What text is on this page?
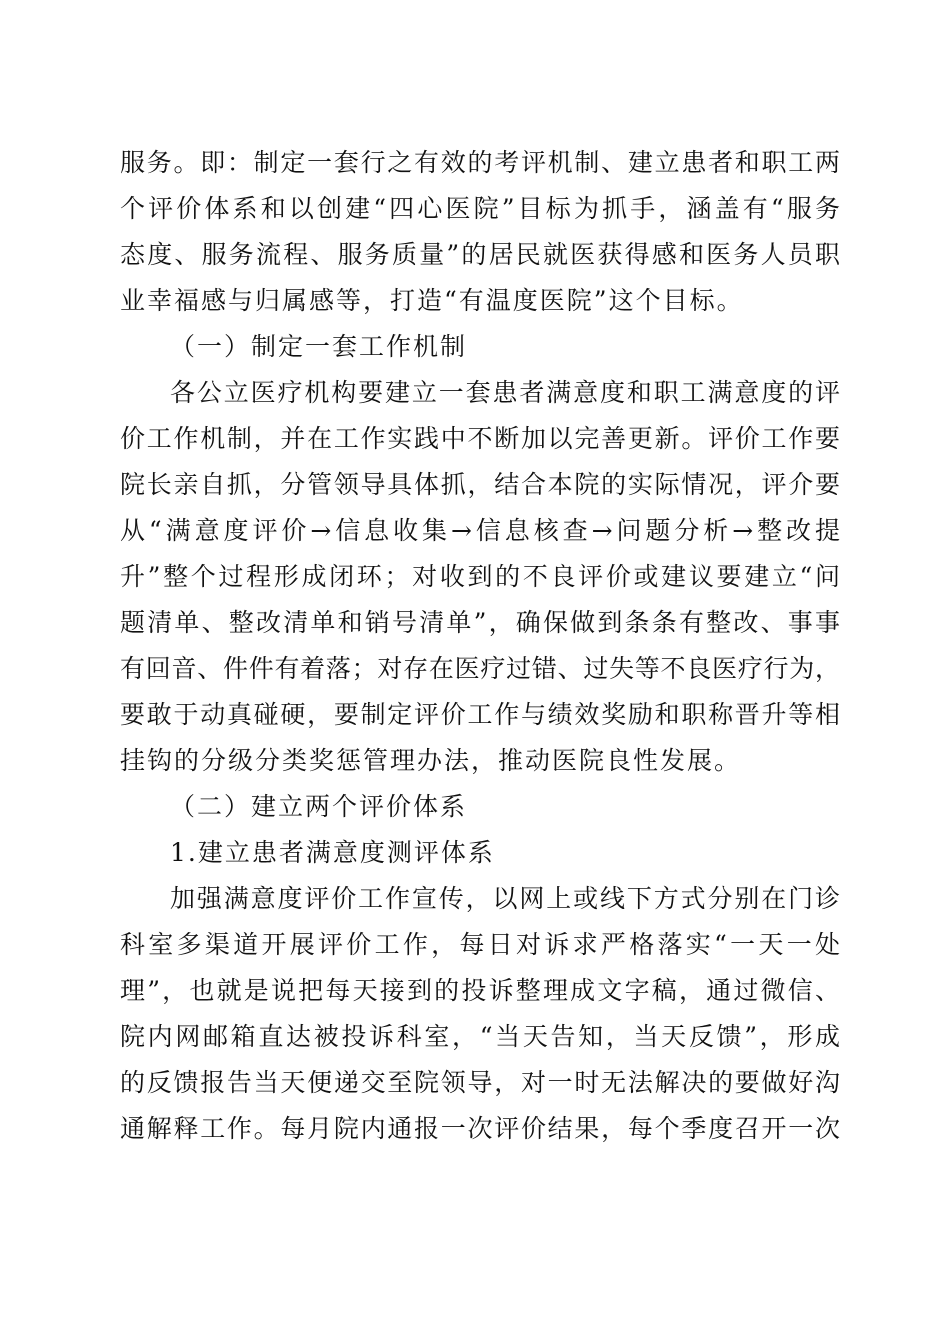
服务。即：制定一套行之有效的考评机制、建立患者和职工两
个评价体系和以创建“四心医院”目标为抓手，涵盖有“服务
态度、服务流程、服务质量”的居民就医获得感和医务人员职
业幸福感与归属感等，打造“有温度医院”这个目标。
（一）制定一套工作机制
各公立医疗机构要建立一套患者满意度和职工满意度的评
价工作机制，并在工作实践中不断加以完善更新。评价工作要
院长亲自抓，分管领导具体抓，结合本院的实际情况，评介要
从“满意度评价→信息收集→信息核查→问题分析→整改提
升”整个过程形成闭环；对收到的不良评价或建议要建立“问
题清单、整改清单和销号清单”，确保做到条条有整改、事事
有回音、件件有着落；对存在医疗过错、过失等不良医疗行为，
要敢于动真碰硬，要制定评价工作与绩效奖励和职称晋升等相
挂钩的分级分类奖惩管理办法，推动医院良性发展。
（二）建立两个评价体系
1.建立患者满意度测评体系
加强满意度评价工作宣传，以网上或线下方式分别在门诊
科室多渠道开展评价工作，每日对诉求严格落实“一天一处
理”，也就是说把每天接到的投诉整理成文字稿，通过微信、
院内网邮箱直达被投诉科室，“当天告知，当天反馈”，形成
的反馈报告当天便递交至院领导，对一时无法解决的要做好沟
通解释工作。每月院内通报一次评价结果，每个季度召开一次
